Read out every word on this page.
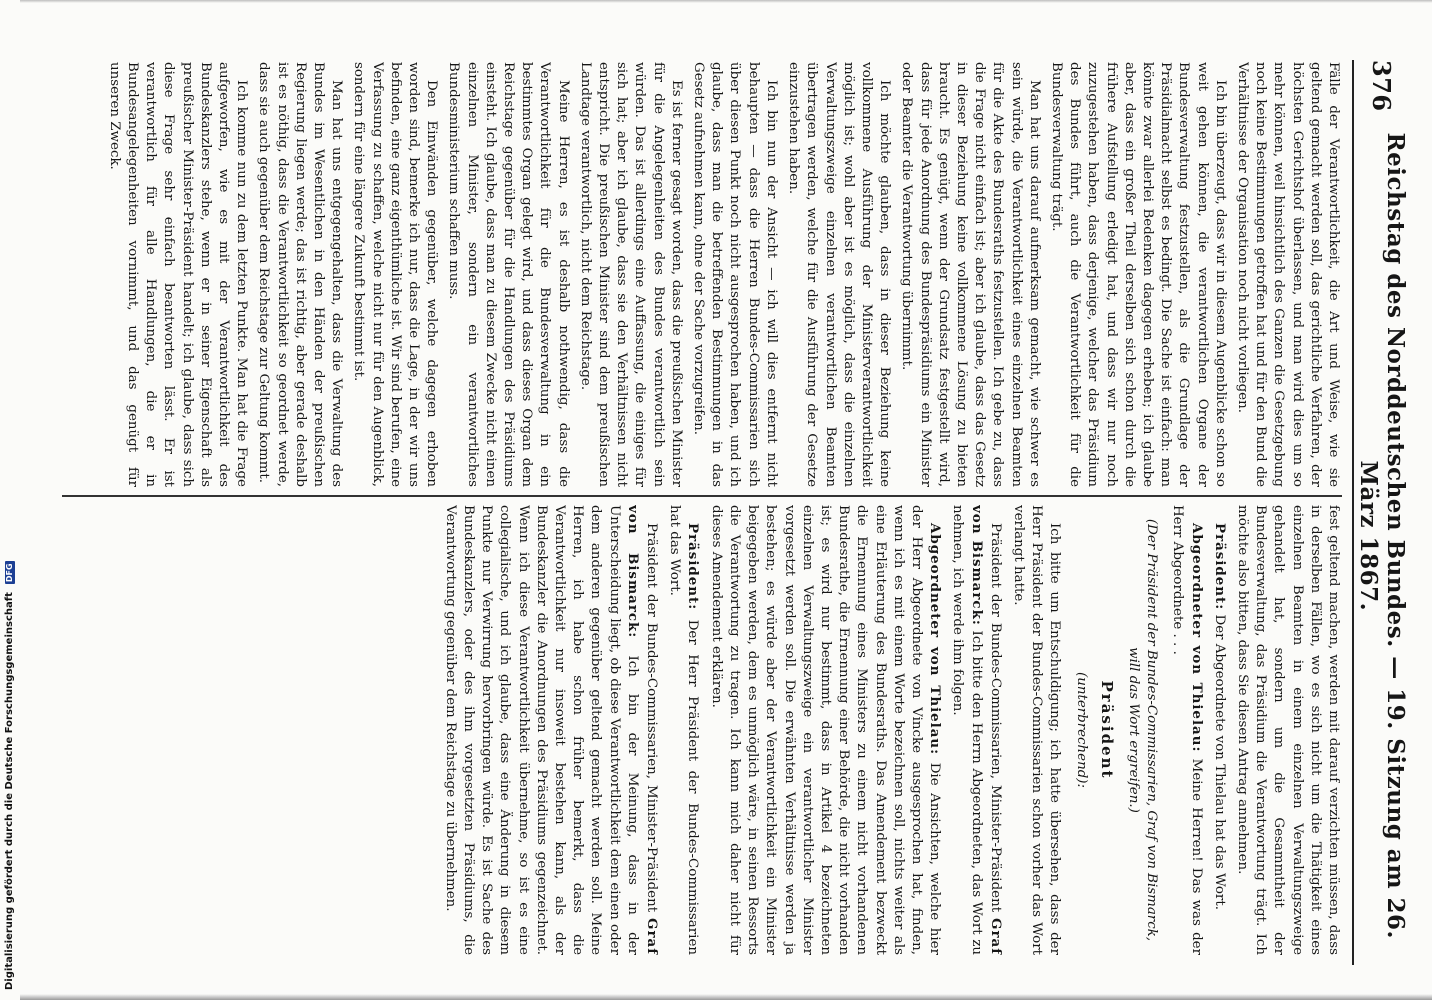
Digitalisierung gefördert durch die Deutsche Forschungsgemeinschaft
DFG
376
Reichstag des Norddeutschen Bundes. — 19. Sitzung am 26. März 1867.

Fälle der Verantwortlichkeit, die Art und Weise, wie sie geltend gemacht werden soll, das gerichtliche Verfahren, der höchsten Gerichtshof überlassen, und man wird dies um so mehr können, weil hinsichtlich des Ganzen die Gesetzgebung noch keine Bestimmungen getroffen hat und für den Bund die Verhältnisse der Organisation noch nicht vorliegen.

Ich bin überzeugt, dass wir in diesem Augenblicke schon so weit gehen können, die verantwortlichen Organe der Bundesverwaltung festzustellen, als die Grundlage der Präsidialmacht selbst es bedingt. Die Sache ist einfach: man könnte zwar allerlei Bedenken dagegen erheben; ich glaube aber, dass ein großer Theil derselben sich schon durch die frühere Aufstellung erledigt hat, und dass wir nur noch zuzugestehen haben, dass derjenige, welcher das Präsidium des Bundes führt, auch die Verantwortlichkeit für die Bundesverwaltung trägt.

Man hat uns darauf aufmerksam gemacht, wie schwer es sein würde, die Verantwortlichkeit eines einzelnen Beamten für die Akte des Bundesraths festzustellen. Ich gebe zu, dass die Frage nicht einfach ist; aber ich glaube, dass das Gesetz in dieser Beziehung keine vollkommene Lösung zu bieten braucht. Es genügt, wenn der Grundsatz festgestellt wird, dass für jede Anordnung des Bundespräsidiums ein Minister oder Beamter die Verantwortung übernimmt.

Ich möchte glauben, dass in dieser Beziehung keine vollkommene Ausführung der Ministerverantwortlichkeit möglich ist; wohl aber ist es möglich, dass die einzelnen Verwaltungszweige einzelnen verantwortlichen Beamten übertragen werden, welche für die Ausführung der Gesetze einzustehen haben.

Ich bin nun der Ansicht — ich will dies entfernt nicht behaupten — dass die Herren Bundes-Commissarien sich über diesen Punkt noch nicht ausgesprochen haben, und ich glaube, dass man die betreffenden Bestimmungen in das Gesetz aufnehmen kann, ohne der Sache vorzugreifen.

Es ist ferner gesagt worden, dass die preußischen Minister für die Angelegenheiten des Bundes verantwortlich sein würden. Das ist allerdings eine Auffassung, die einiges für sich hat; aber ich glaube, dass sie den Verhältnissen nicht entspricht. Die preußischen Minister sind dem preußischen Landtage verantwortlich, nicht dem Reichstage.

Meine Herren, es ist deshalb nothwendig, dass die Verantwortlichkeit für die Bundesverwaltung in ein bestimmtes Organ gelegt wird, und dass dieses Organ dem Reichstage gegenüber für die Handlungen des Präsidiums einsteht. Ich glaube, dass man zu diesem Zwecke nicht einen einzelnen Minister, sondern ein verantwortliches Bundesministerium schaffen muss.

Den Einwänden gegenüber, welche dagegen erhoben worden sind, bemerke ich nur, dass die Lage, in der wir uns befinden, eine ganz eigenthümliche ist. Wir sind berufen, eine Verfassung zu schaffen, welche nicht nur für den Augenblick, sondern für eine längere Zukunft bestimmt ist.

Man hat uns entgegengehalten, dass die Verwaltung des Bundes im Wesentlichen in den Händen der preußischen Regierung liegen werde; das ist richtig, aber gerade deshalb ist es nöthig, dass die Verantwortlichkeit so geordnet werde, dass sie auch gegenüber dem Reichstage zur Geltung kommt.

Ich komme nun zu dem letzten Punkte. Man hat die Frage aufgeworfen, wie es mit der Verantwortlichkeit des Bundeskanzlers stehe, wenn er in seiner Eigenschaft als preußischer Minister-Präsident handelt; ich glaube, dass sich diese Frage sehr einfach beantworten lässt. Er ist verantwortlich für alle Handlungen, die er in Bundesangelegenheiten vornimmt, und das genügt für unseren Zweck.

fest geltend machen, werden mit darauf verzichten müssen, dass in derselben Fällen, wo es sich nicht um die Thätigkeit eines einzelnen Beamten in einem einzelnen Verwaltungszweige gehandelt hat, sondern um die Gesammtheit der Bundesverwaltung, das Präsidium die Verantwortung trägt. Ich möchte also bitten, dass Sie diesen Antrag annehmen.

Präsident: Der Abgeordnete von Thielau hat das Wort.

Abgeordneter von Thielau: Meine Herren! Das was der Herr Abgeordnete . . .

(Der Präsident der Bundes-Commissarien, Graf von Bismarck, will das Wort ergreifen.)

Präsident

(unterbrechend):

Ich bitte um Entschuldigung; ich hatte übersehen, dass der Herr Präsident der Bundes-Commissarien schon vorher das Wort verlangt hatte.

Präsident der Bundes-Commissarien, Minister-Präsident Graf von Bismarck: Ich bitte den Herrn Abgeordneten, das Wort zu nehmen, ich werde ihm folgen.

Abgeordneter von Thielau: Die Ansichten, welche hier der Herr Abgeordnete von Vincke ausgesprochen hat, finden, wenn ich es mit einem Worte bezeichnen soll, nichts weiter als eine Erläuterung des Bundesraths. Das Amendement bezweckt die Ernennung eines Ministers zu einem nicht vorhandenen Bundesrathe, die Ernennung einer Behörde, die nicht vorhanden ist; es wird nur bestimmt, dass in Artikel 4 bezeichneten einzelnen Verwaltungszweige ein verantwortlicher Minister vorgesetzt werden soll. Die erwähnten Verhältnisse werden ja bestehen; es würde aber der Verantwortlichkeit ein Minister beigegeben werden, dem es unmöglich wäre, in seinen Ressorts die Verantwortung zu tragen. Ich kann mich daher nicht für dieses Amendement erklären.

Präsident: Der Herr Präsident der Bundes-Commissarien hat das Wort.

Präsident der Bundes-Commissarien, Minister-Präsident Graf von Bismarck: Ich bin der Meinung, dass in der Unterscheidung liegt, ob diese Verantwortlichkeit dem einen oder dem anderen gegenüber geltend gemacht werden soll. Meine Herren, ich habe schon früher bemerkt, dass die Verantwortlichkeit nur insoweit bestehen kann, als der Bundeskanzler die Anordnungen des Präsidiums gegenzeichnet. Wenn ich diese Verantwortlichkeit übernehme, so ist es eine collegialische, und ich glaube, dass eine Änderung in diesem Punkte nur Verwirrung hervorbringen würde. Es ist Sache des Bundeskanzlers, oder des ihm vorgesetzten Präsidiums, die Verantwortung gegenüber dem Reichstage zu übernehmen.
